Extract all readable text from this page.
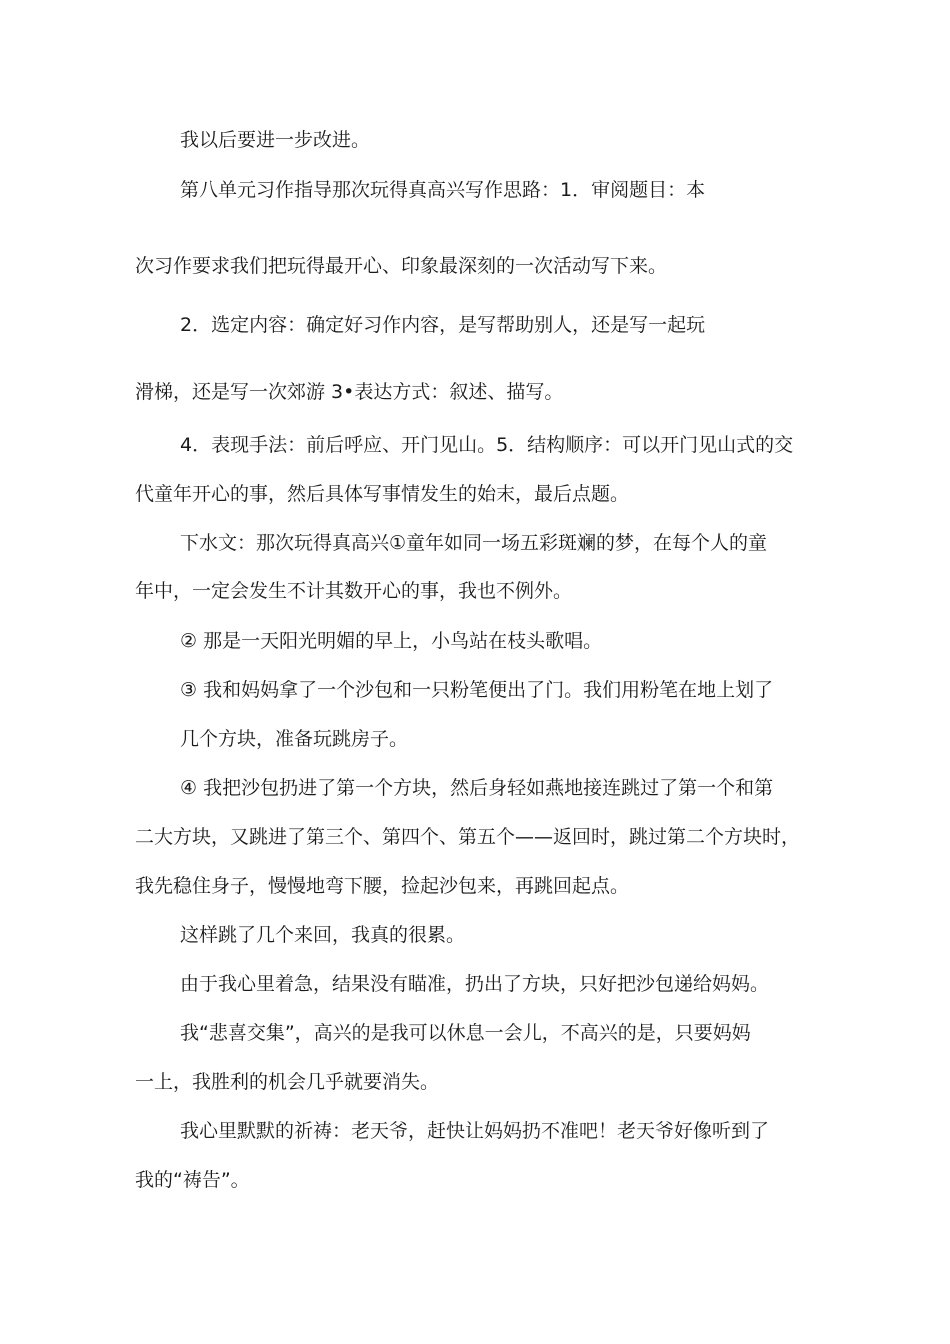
我以后要进一步改进。
第八单元习作指导那次玩得真高兴写作思路：1．审阅题目：本
次习作要求我们把玩得最开心、印象最深刻的一次活动写下来。
2．选定内容：确定好习作内容，是写帮助别人，还是写一起玩
滑梯，还是写一次郊游 3•表达方式：叙述、描写。
4．表现手法：前后呼应、开门见山。5．结构顺序：可以开门见山式的交
代童年开心的事，然后具体写事情发生的始末，最后点题。
下水文：那次玩得真高兴①童年如同一场五彩斑斓的梦，在每个人的童
年中，一定会发生不计其数开心的事，我也不例外。
② 那是一天阳光明媚的早上，小鸟站在枝头歌唱。
③ 我和妈妈拿了一个沙包和一只粉笔便出了门。我们用粉笔在地上划了
几个方块，准备玩跳房子。
④ 我把沙包扔进了第一个方块，然后身轻如燕地接连跳过了第一个和第
二大方块，又跳进了第三个、第四个、第五个——返回时，跳过第二个方块时，
我先稳住身子，慢慢地弯下腰，捡起沙包来，再跳回起点。
这样跳了几个来回，我真的很累。
由于我心里着急，结果没有瞄准，扔出了方块，只好把沙包递给妈妈。
我“悲喜交集”，高兴的是我可以休息一会儿，不高兴的是，只要妈妈
一上，我胜利的机会几乎就要消失。
我心里默默的祈祷：老天爷，赶快让妈妈扔不准吧！老天爷好像听到了
我的“祷告”。
